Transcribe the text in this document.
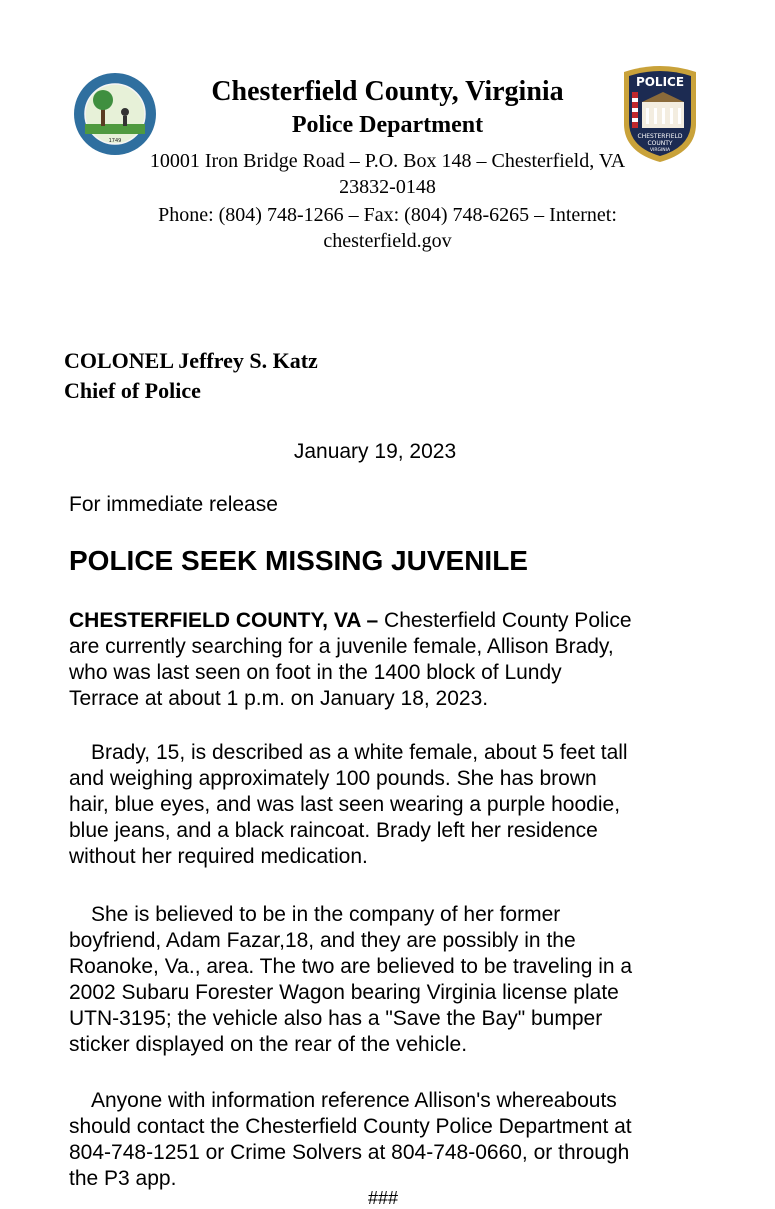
1749
POLICE
CHESTERFIELD
COUNTY
VIRGINIA
Chesterfield County, Virginia
Police Department
10001 Iron Bridge Road – P.O. Box 148 – Chesterfield, VA
23832-0148
Phone: (804) 748-1266 – Fax: (804) 748-6265 – Internet:
chesterfield.gov
COLONEL Jeffrey S. Katz
Chief of Police
January 19, 2023
For immediate release
POLICE SEEK MISSING JUVENILE
CHESTERFIELD COUNTY, VA – Chesterfield County Police
are currently searching for a juvenile female, Allison Brady,
who was last seen on foot in the 1400 block of Lundy
Terrace at about 1 p.m. on January 18, 2023.
Brady, 15, is described as a white female, about 5 feet tall
and weighing approximately 100 pounds. She has brown
hair, blue eyes, and was last seen wearing a purple hoodie,
blue jeans, and a black raincoat. Brady left her residence
without her required medication.
She is believed to be in the company of her former
boyfriend, Adam Fazar,18, and they are possibly in the
Roanoke, Va., area. The two are believed to be traveling in a
2002 Subaru Forester Wagon bearing Virginia license plate
UTN-3195; the vehicle also has a "Save the Bay" bumper
sticker displayed on the rear of the vehicle.
Anyone with information reference Allison's whereabouts
should contact the Chesterfield County Police Department at
804-748-1251 or Crime Solvers at 804-748-0660, or through
the P3 app.
###
